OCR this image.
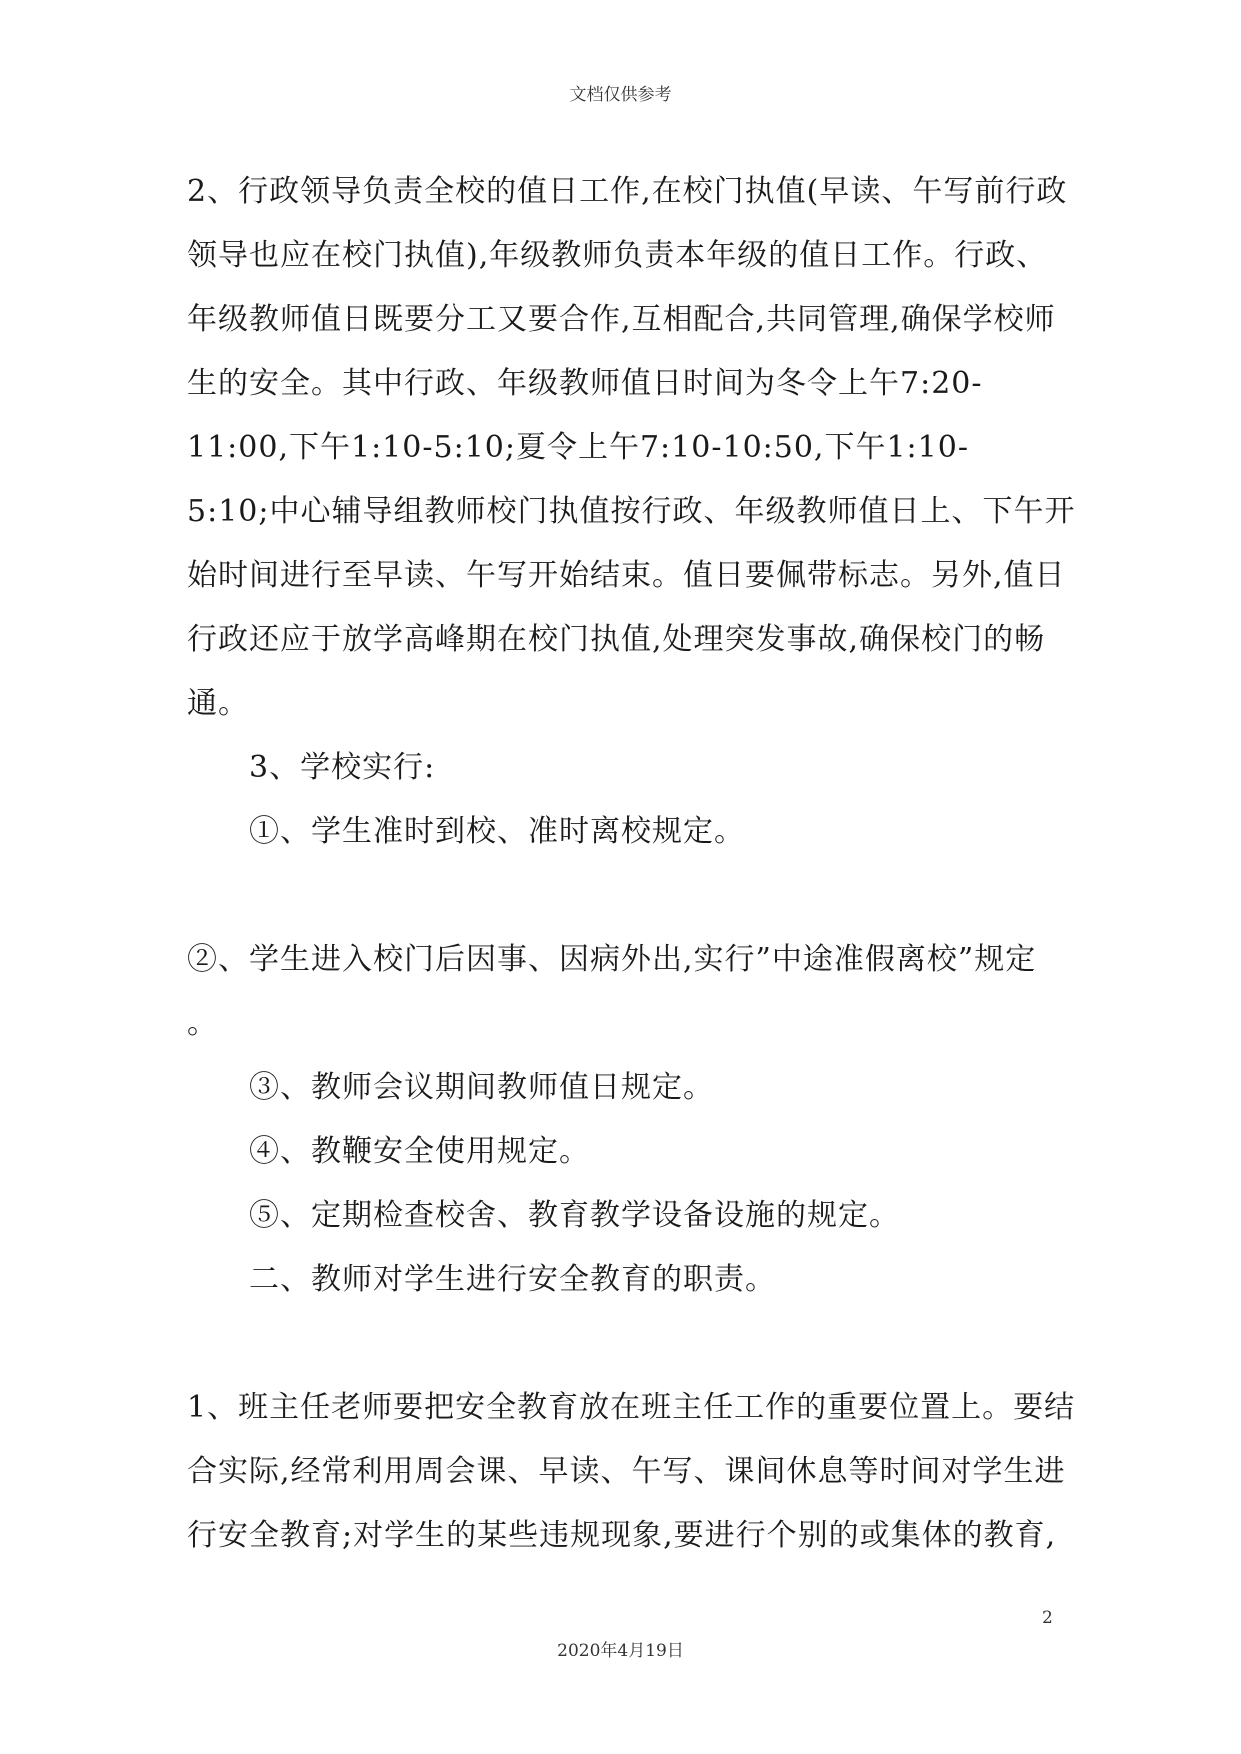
文档仅供参考

2、行政领导负责全校的值日工作,在校门执值(早读、午写前行政

领导也应在校门执值),年级教师负责本年级的值日工作。行政、

年级教师值日既要分工又要合作,互相配合,共同管理,确保学校师

生的安全。其中行政、年级教师值日时间为冬令上午7:20-

11:00,下午1:10-5:10;夏令上午7:10-10:50,下午1:10-

5:10;中心辅导组教师校门执值按行政、年级教师值日上、下午开

始时间进行至早读、午写开始结束。值日要佩带标志。另外,值日

行政还应于放学高峰期在校门执值,处理突发事故,确保校门的畅

通。

3、学校实行:

①、学生准时到校、准时离校规定。

②、学生进入校门后因事、因病外出,实行”中途准假离校”规定

。

③、教师会议期间教师值日规定。

④、教鞭安全使用规定。

⑤、定期检查校舍、教育教学设备设施的规定。

二、教师对学生进行安全教育的职责。

1、班主任老师要把安全教育放在班主任工作的重要位置上。要结

合实际,经常利用周会课、早读、午写、课间休息等时间对学生进

行安全教育;对学生的某些违规现象,要进行个别的或集体的教育,

2
2020年4月19日
